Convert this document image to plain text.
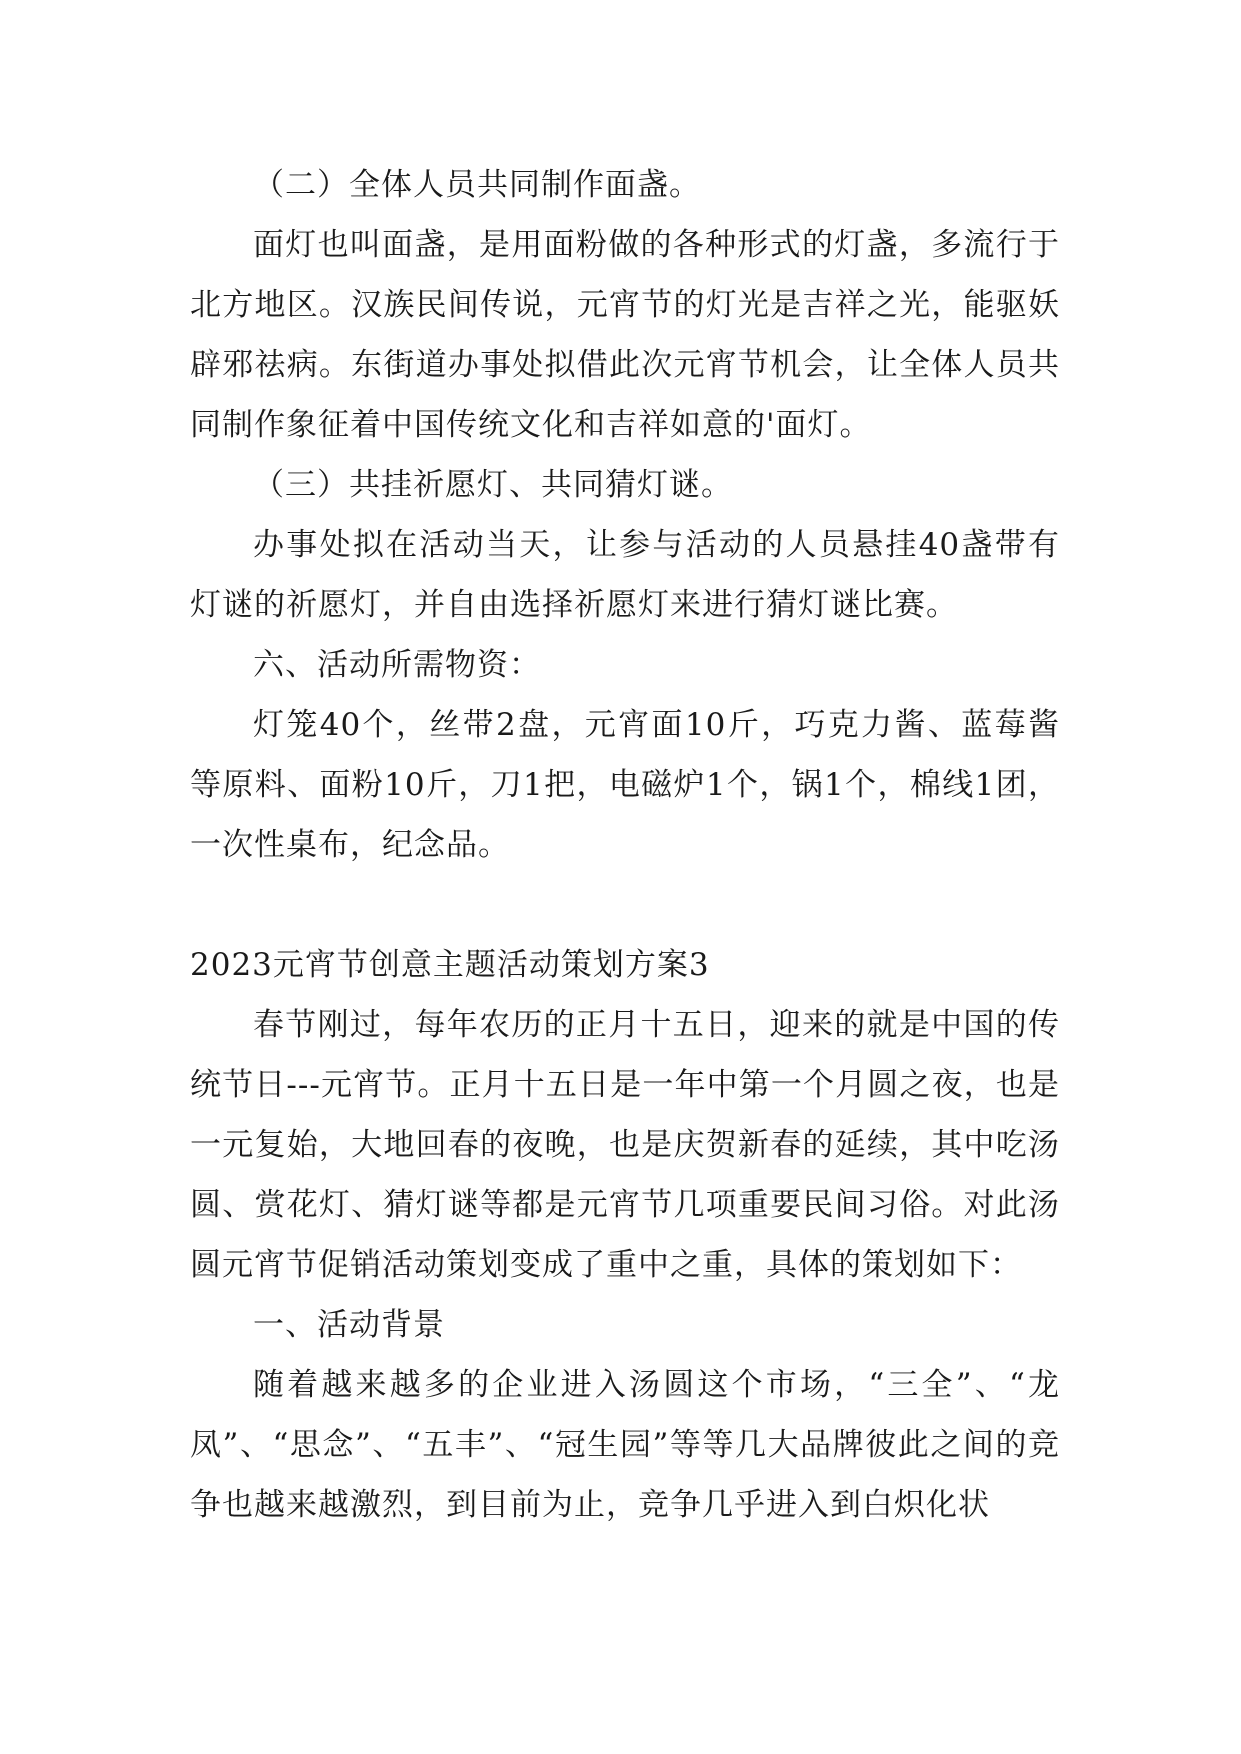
（二）全体人员共同制作面盏。

面灯也叫面盏，是用面粉做的各种形式的灯盏，多流行于北方地区。汉族民间传说，元宵节的灯光是吉祥之光，能驱妖辟邪祛病。东街道办事处拟借此次元宵节机会，让全体人员共同制作象征着中国传统文化和吉祥如意的'面灯。

（三）共挂祈愿灯、共同猜灯谜。

办事处拟在活动当天，让参与活动的人员悬挂40盏带有灯谜的祈愿灯，并自由选择祈愿灯来进行猜灯谜比赛。

六、活动所需物资：

灯笼40个，丝带2盘，元宵面10斤，巧克力酱、蓝莓酱等原料、面粉10斤，刀1把，电磁炉1个，锅1个，棉线1团，一次性桌布，纪念品。

2023元宵节创意主题活动策划方案3

春节刚过，每年农历的正月十五日，迎来的就是中国的传统节日---元宵节。正月十五日是一年中第一个月圆之夜，也是一元复始，大地回春的夜晚，也是庆贺新春的延续，其中吃汤圆、赏花灯、猜灯谜等都是元宵节几项重要民间习俗。对此汤圆元宵节促销活动策划变成了重中之重，具体的策划如下：

一、活动背景

随着越来越多的企业进入汤圆这个市场，“三全”、“龙凤”、“思念”、“五丰”、“冠生园”等等几大品牌彼此之间的竞争也越来越激烈，到目前为止，竞争几乎进入到白炽化状
